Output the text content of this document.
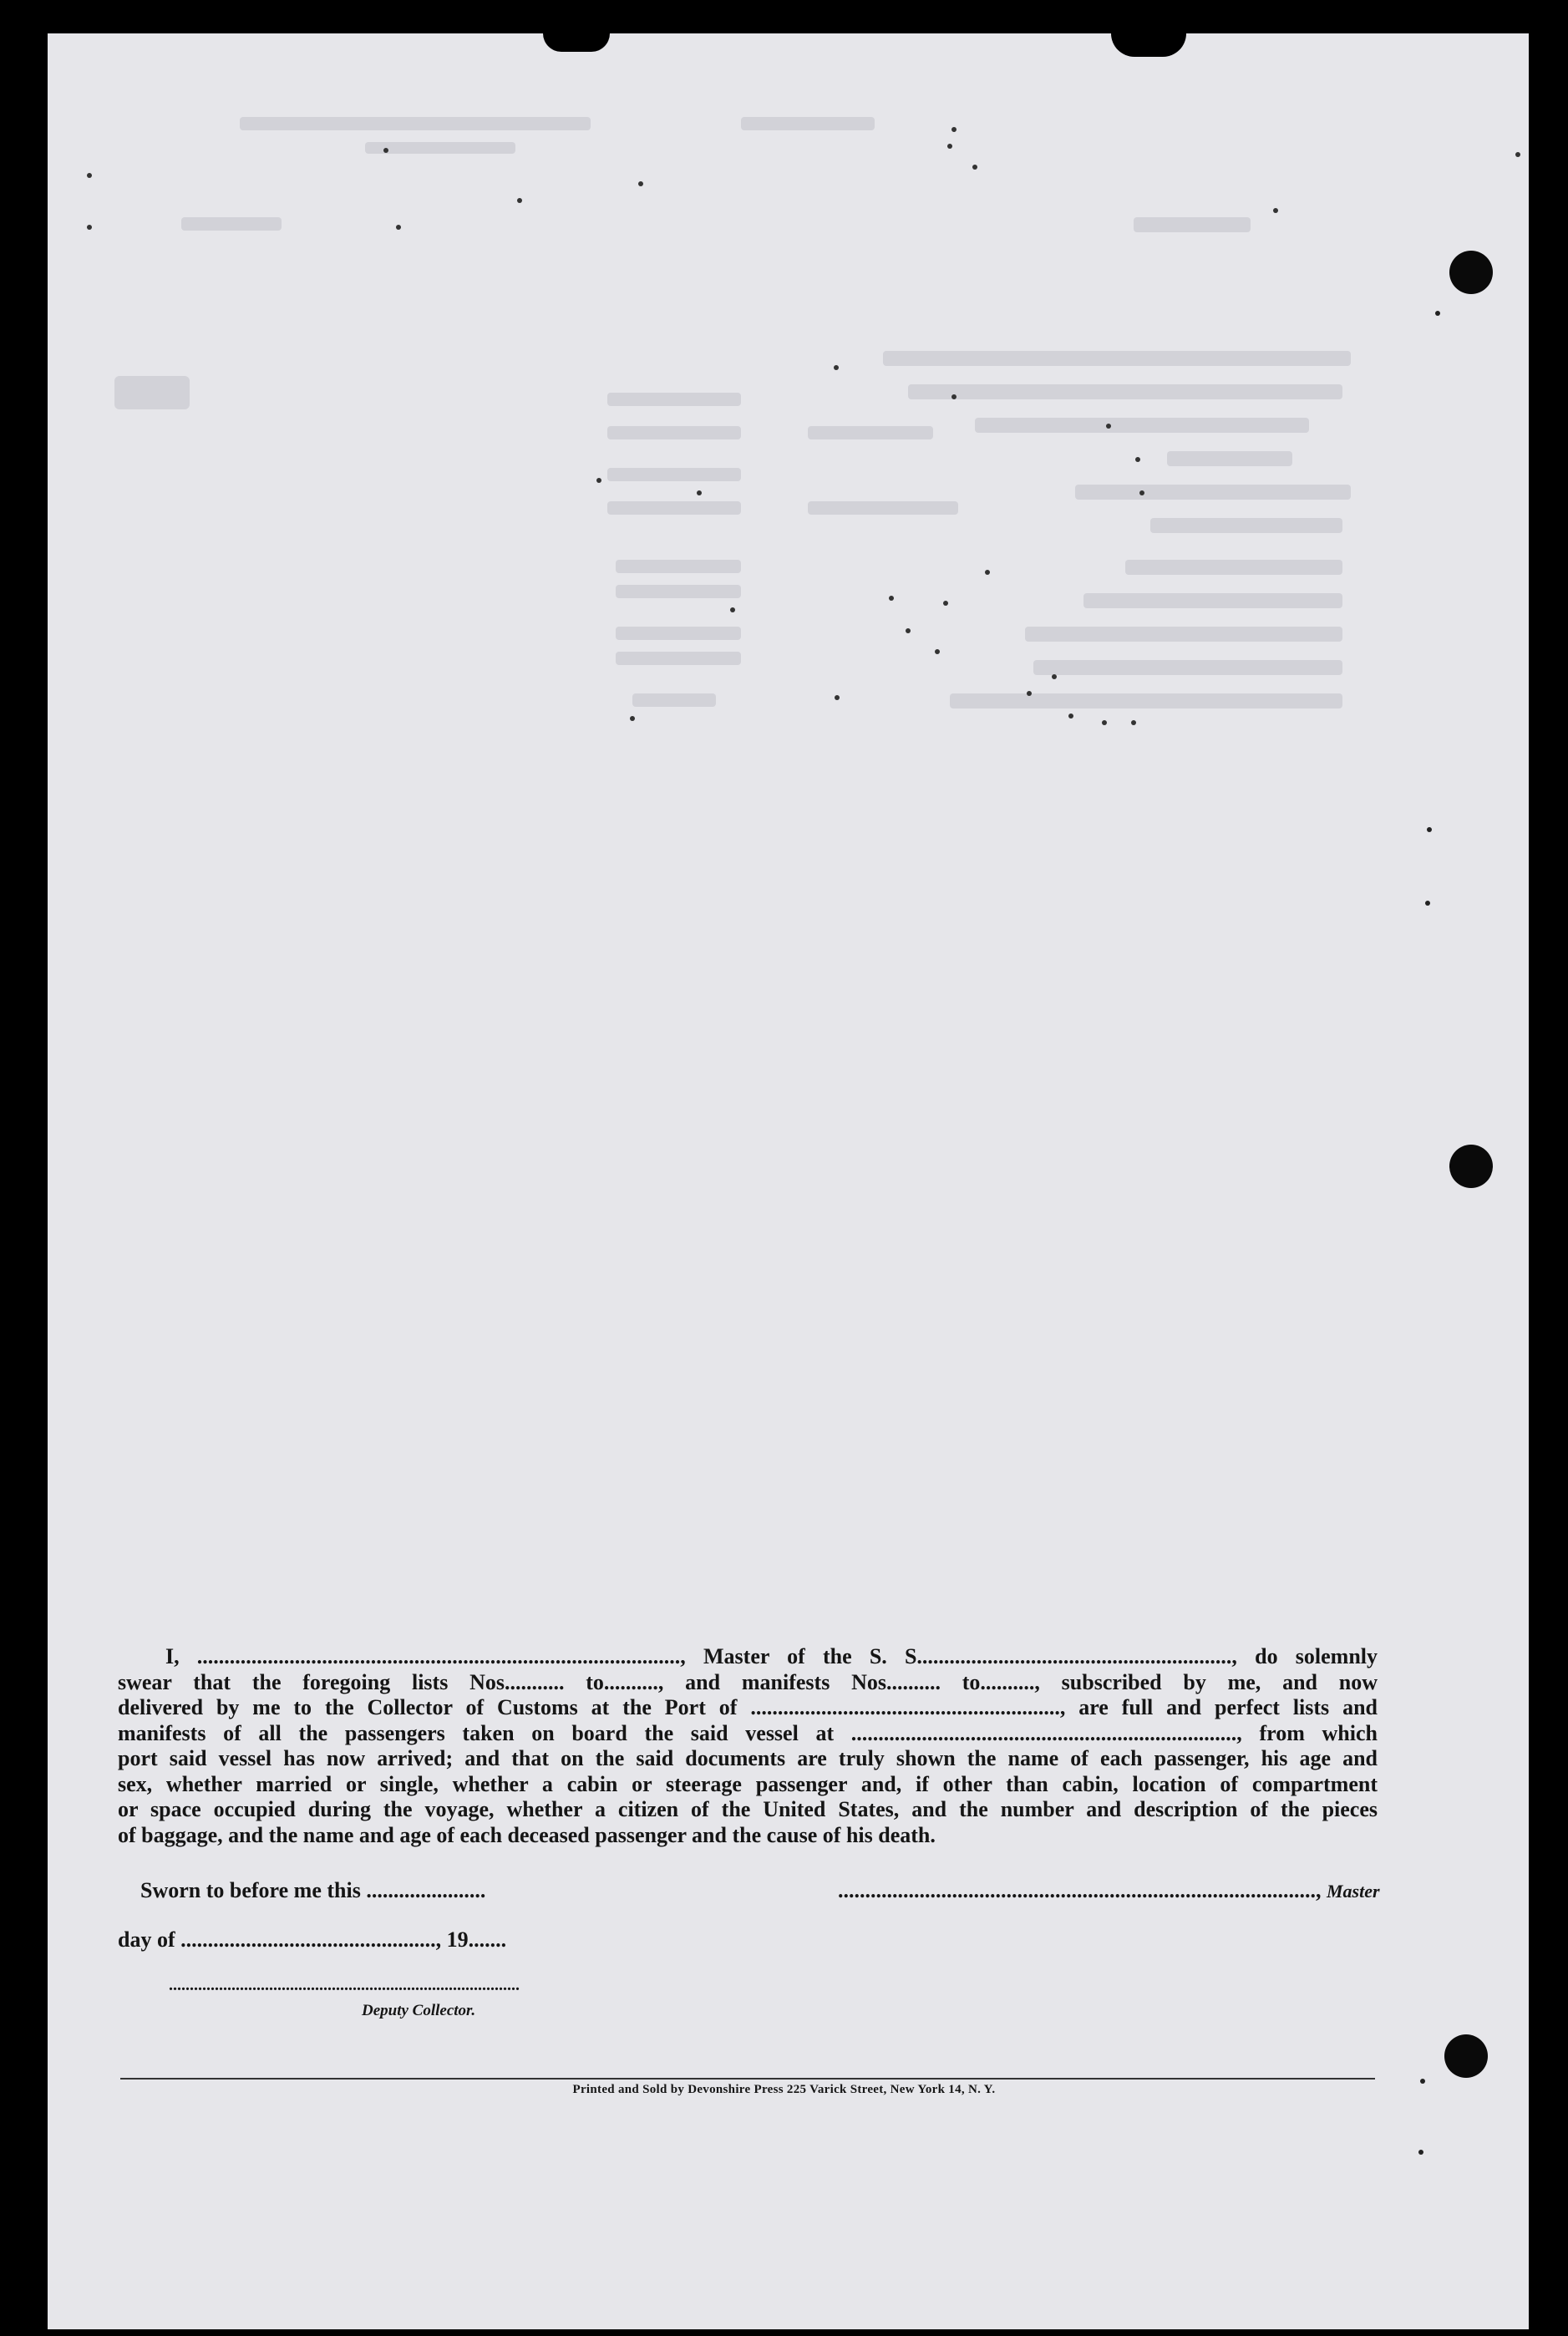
I, ........................................................................................., Master of the S. S.........................................................., do solemnly
swear that the foregoing lists Nos........... to.........., and manifests Nos.......... to.........., subscribed by me, and now
delivered by me to the Collector of Customs at the Port of ........................................................., are full and perfect lists and
manifests of all the passengers taken on board the said vessel at ......................................................................., from which
port said vessel has now arrived; and that on the said documents are truly shown the name of each passenger, his age and
sex, whether married or single, whether a cabin or steerage passenger and, if other than cabin, location of compartment
or space occupied during the voyage, whether a citizen of the United States, and the number and description of the pieces
of baggage, and the name and age of each deceased passenger and the cause of his death.
Sworn to before me this ......................	........................................................................................, Master
day of ..............................................., 19.......
....................................................................................
Deputy Collector.
Printed and Sold by Devonshire Press 225 Varick Street, New York 14, N. Y.
